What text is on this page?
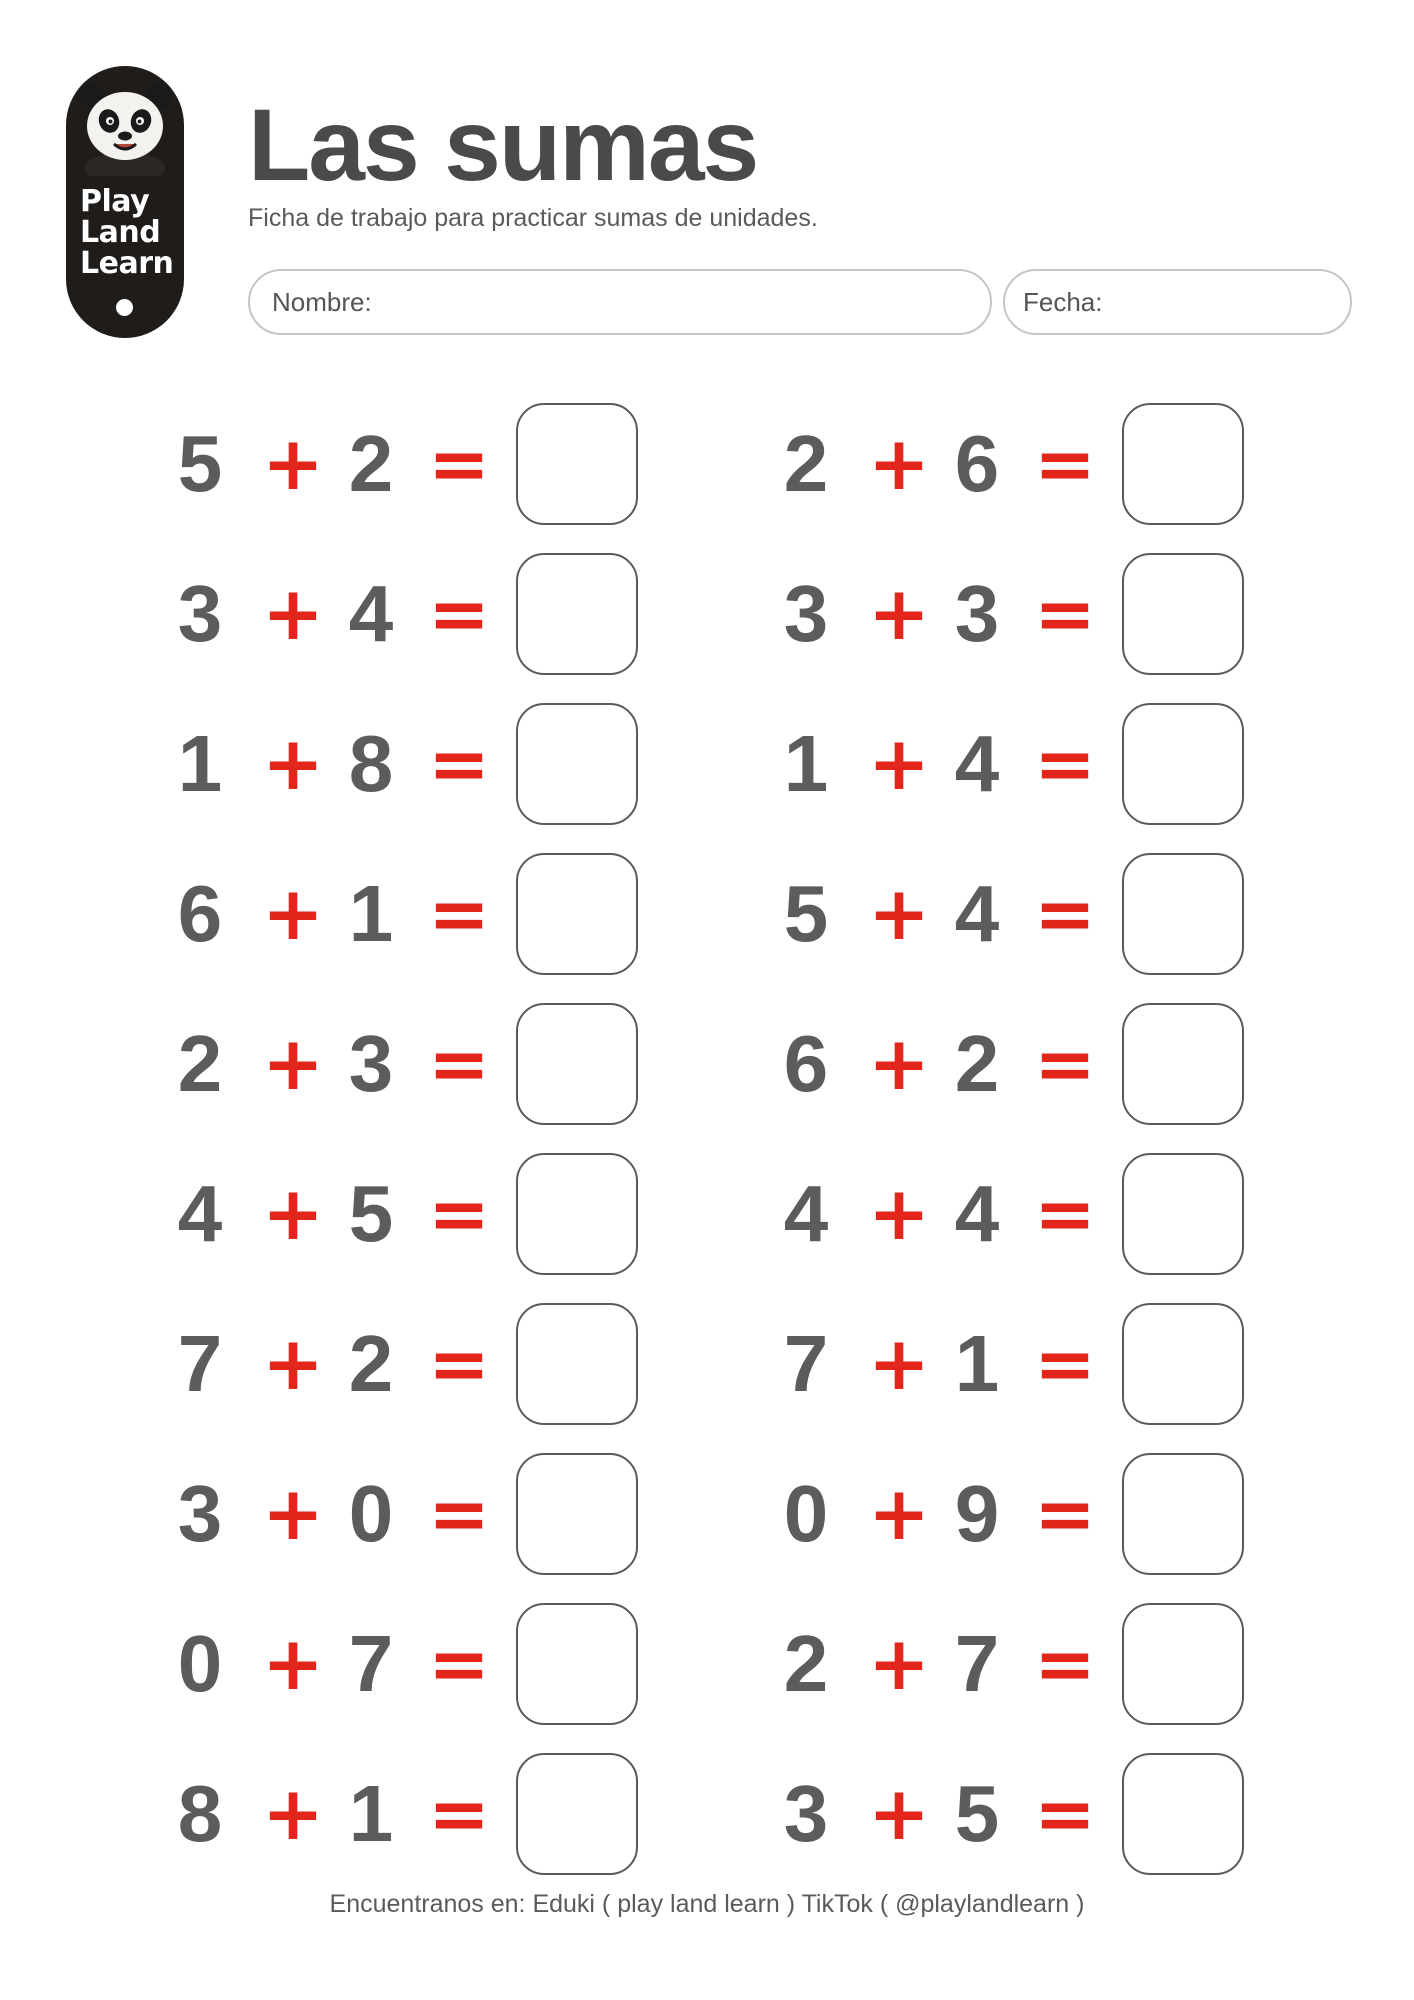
Play
Land
Learn
Las sumas
Ficha de trabajo para practicar sumas de unidades.
Nombre:	Fecha:
5 + 2 =
3 + 4 =
1 + 8 =
6 + 1 =
2 + 3 =
4 + 5 =
7 + 2 =
3 + 0 =
0 + 7 =
8 + 1 =
2 + 6 =
3 + 3 =
1 + 4 =
5 + 4 =
6 + 2 =
4 + 4 =
7 + 1 =
0 + 9 =
2 + 7 =
3 + 5 =
Encuentranos en: Eduki ( play land learn ) TikTok ( @playlandlearn )
